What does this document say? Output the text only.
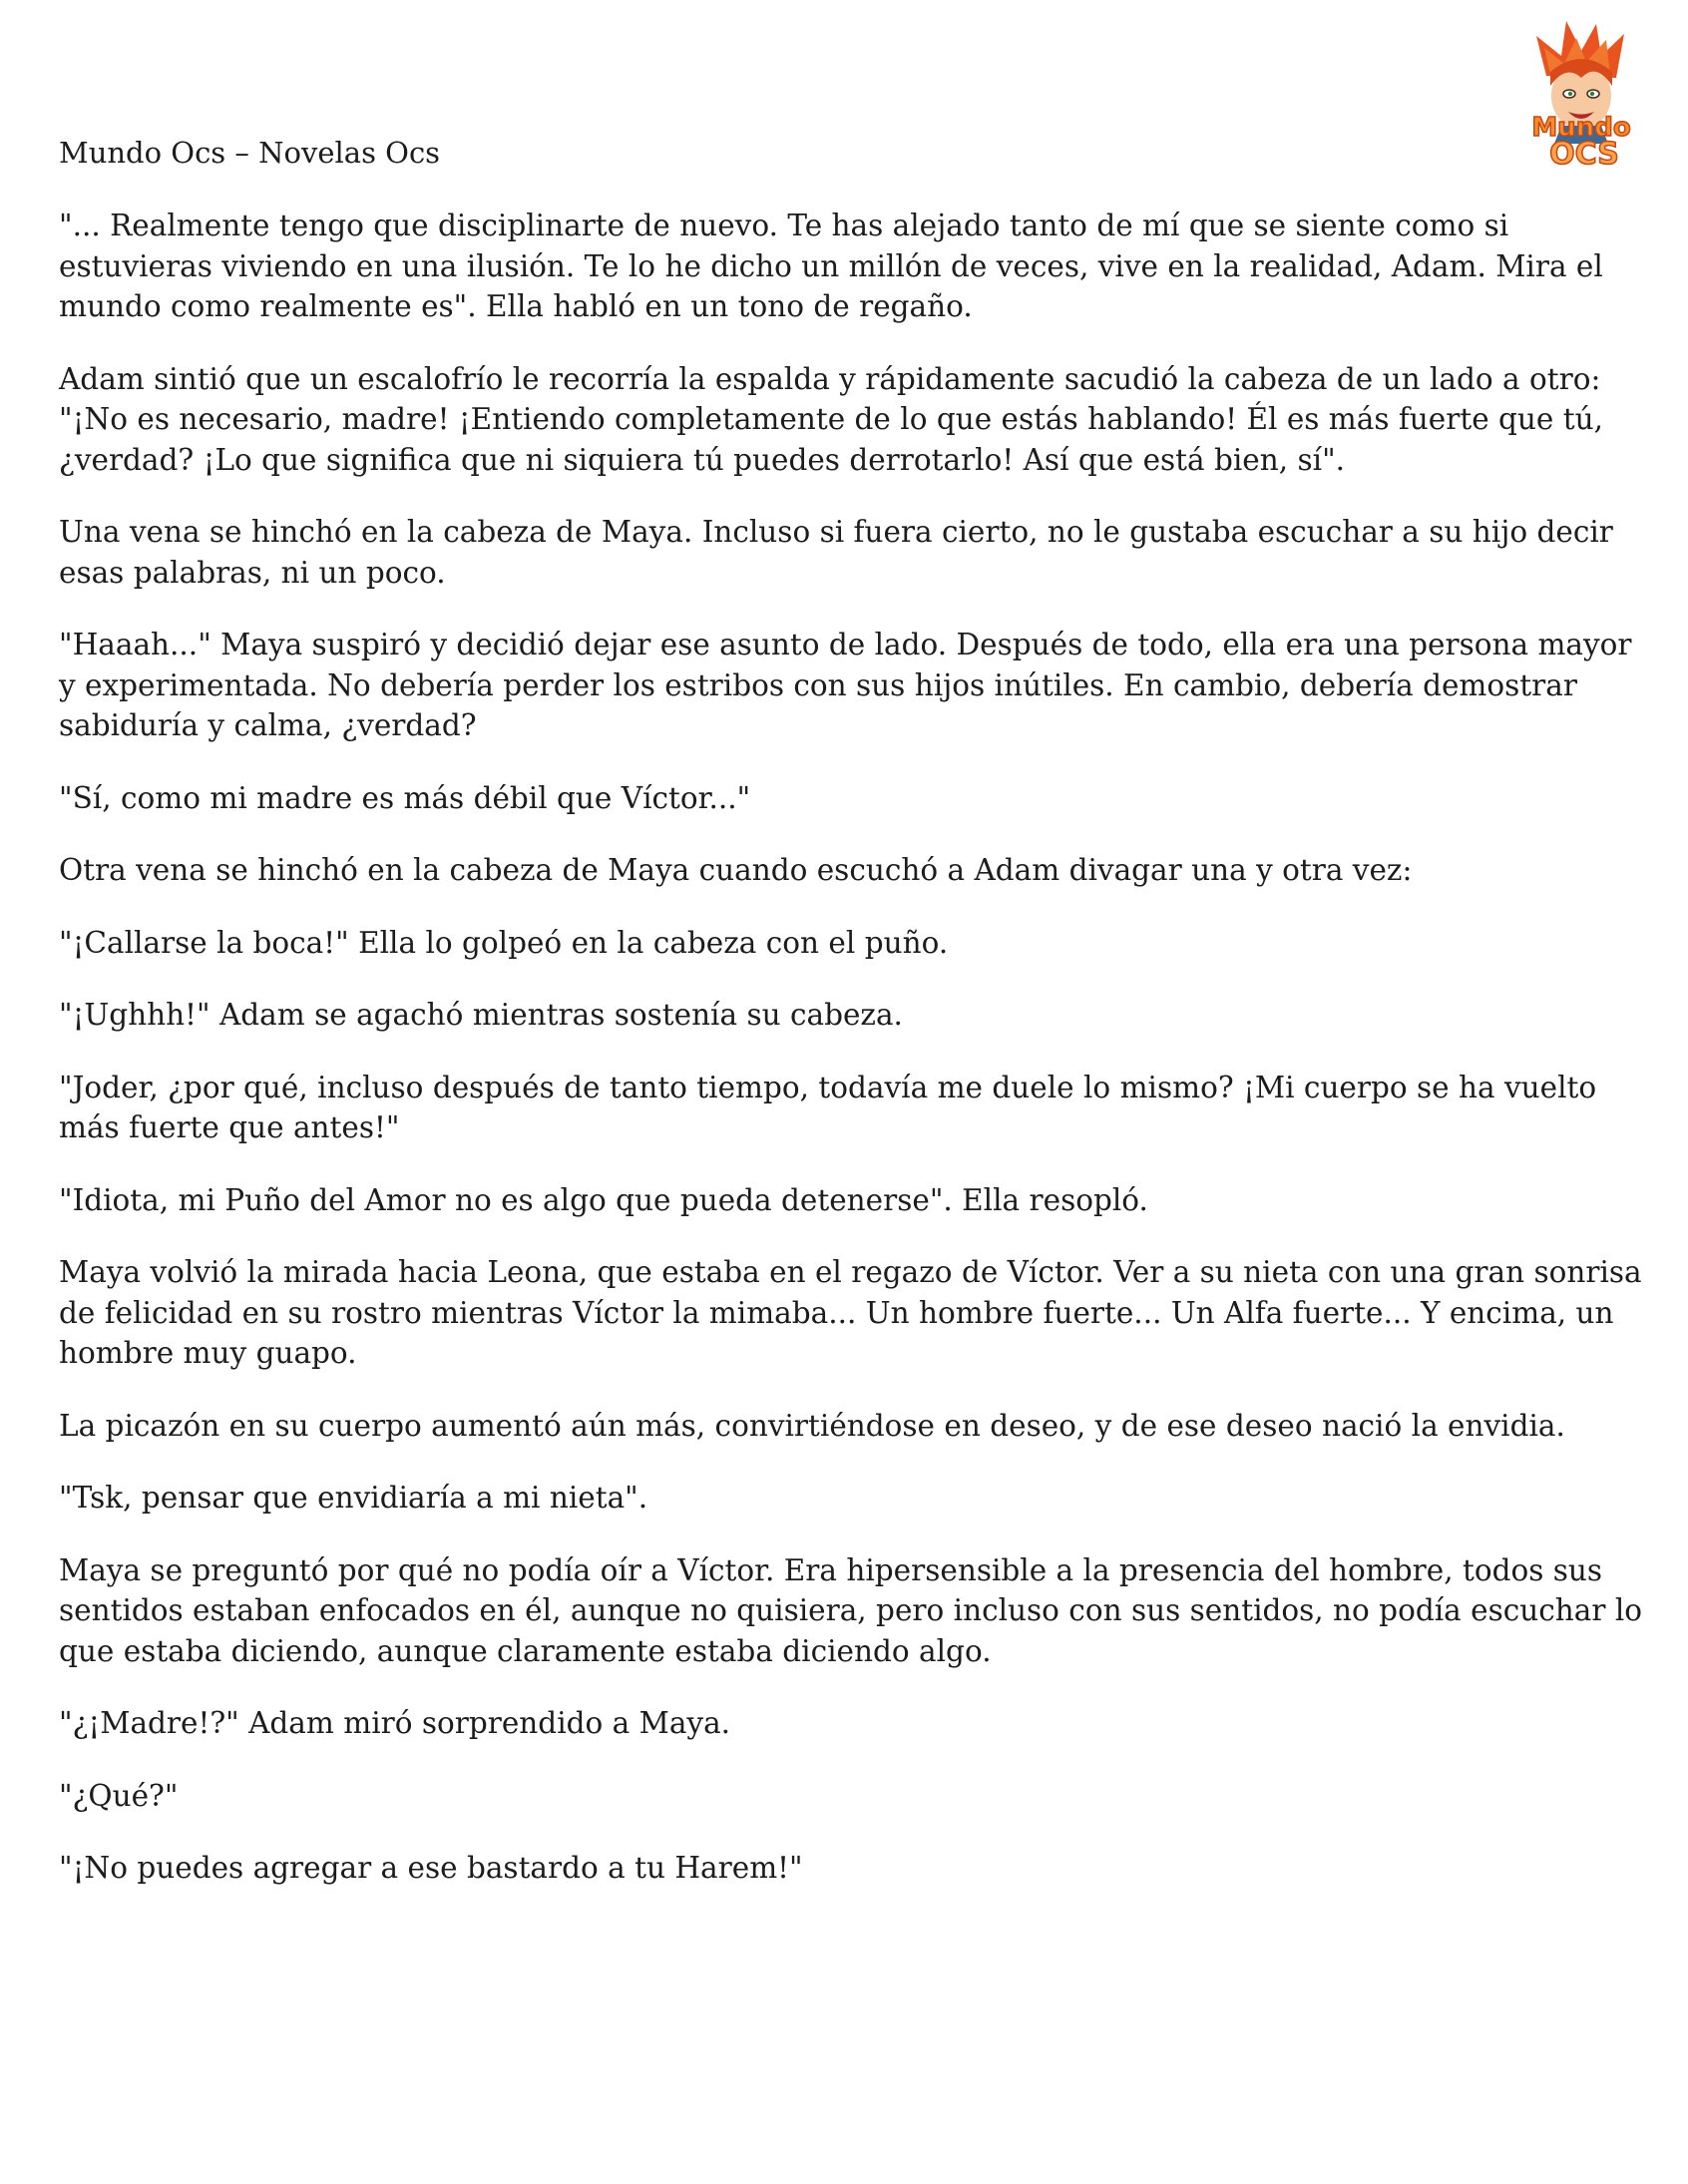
Mundo Ocs – Novelas Ocs
Mundo
OCS

"... Realmente tengo que disciplinarte de nuevo. Te has alejado tanto de mí que se siente como si estuvieras viviendo en una ilusión. Te lo he dicho un millón de veces, vive en la realidad, Adam. Mira el mundo como realmente es". Ella habló en un tono de regaño.

Adam sintió que un escalofrío le recorría la espalda y rápidamente sacudió la cabeza de un lado a otro: "¡No es necesario, madre! ¡Entiendo completamente de lo que estás hablando! Él es más fuerte que tú, ¿verdad? ¡Lo que significa que ni siquiera tú puedes derrotarlo! Así que está bien, sí".

Una vena se hinchó en la cabeza de Maya. Incluso si fuera cierto, no le gustaba escuchar a su hijo decir esas palabras, ni un poco.

"Haaah..." Maya suspiró y decidió dejar ese asunto de lado. Después de todo, ella era una persona mayor y experimentada. No debería perder los estribos con sus hijos inútiles. En cambio, debería demostrar sabiduría y calma, ¿verdad?

"Sí, como mi madre es más débil que Víctor..."

Otra vena se hinchó en la cabeza de Maya cuando escuchó a Adam divagar una y otra vez:

"¡Callarse la boca!" Ella lo golpeó en la cabeza con el puño.

"¡Ughhh!" Adam se agachó mientras sostenía su cabeza.

"Joder, ¿por qué, incluso después de tanto tiempo, todavía me duele lo mismo? ¡Mi cuerpo se ha vuelto más fuerte que antes!"

"Idiota, mi Puño del Amor no es algo que pueda detenerse". Ella resopló.

Maya volvió la mirada hacia Leona, que estaba en el regazo de Víctor. Ver a su nieta con una gran sonrisa de felicidad en su rostro mientras Víctor la mimaba... Un hombre fuerte... Un Alfa fuerte... Y encima, un hombre muy guapo.

La picazón en su cuerpo aumentó aún más, convirtiéndose en deseo, y de ese deseo nació la envidia.

"Tsk, pensar que envidiaría a mi nieta".

Maya se preguntó por qué no podía oír a Víctor. Era hipersensible a la presencia del hombre, todos sus sentidos estaban enfocados en él, aunque no quisiera, pero incluso con sus sentidos, no podía escuchar lo que estaba diciendo, aunque claramente estaba diciendo algo.

"¿¡Madre!?" Adam miró sorprendido a Maya.

"¿Qué?"

"¡No puedes agregar a ese bastardo a tu Harem!"
